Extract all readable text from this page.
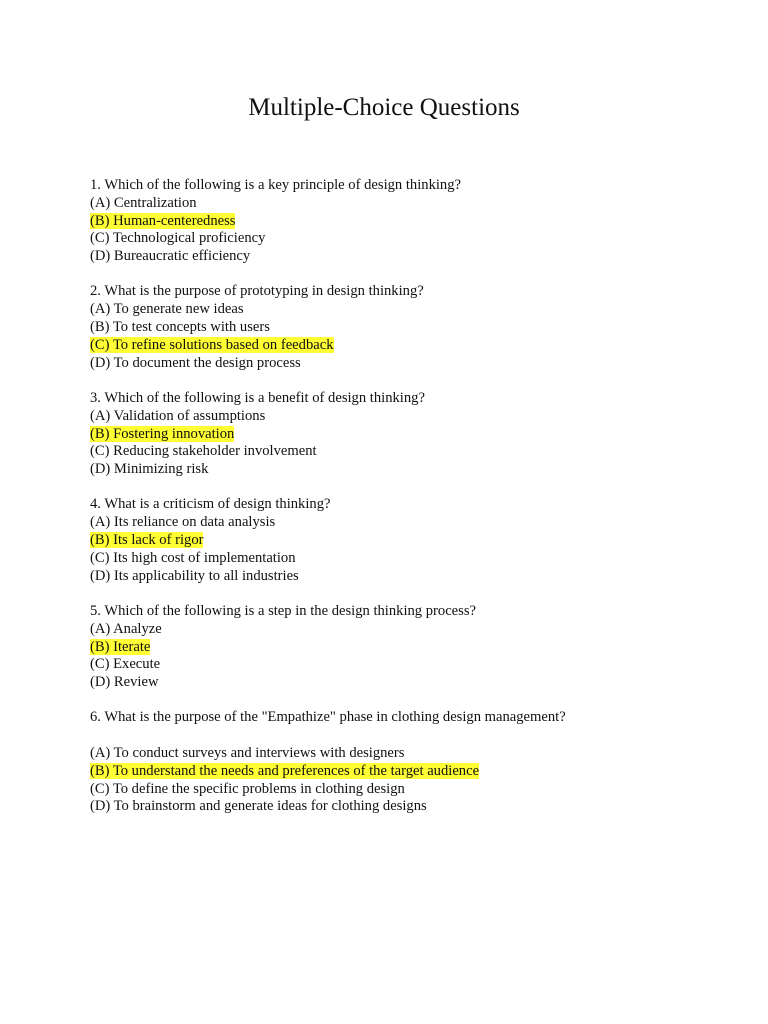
Multiple-Choice Questions
1. Which of the following is a key principle of design thinking?
(A) Centralization
(B) Human-centeredness
(C) Technological proficiency
(D) Bureaucratic efficiency
2. What is the purpose of prototyping in design thinking?
(A) To generate new ideas
(B) To test concepts with users
(C) To refine solutions based on feedback
(D) To document the design process
3. Which of the following is a benefit of design thinking?
(A) Validation of assumptions
(B) Fostering innovation
(C) Reducing stakeholder involvement
(D) Minimizing risk
4. What is a criticism of design thinking?
(A) Its reliance on data analysis
(B) Its lack of rigor
(C) Its high cost of implementation
(D) Its applicability to all industries
5. Which of the following is a step in the design thinking process?
(A) Analyze
(B) Iterate
(C) Execute
(D) Review
6. What is the purpose of the "Empathize" phase in clothing design management?
(A) To conduct surveys and interviews with designers
(B) To understand the needs and preferences of the target audience
(C) To define the specific problems in clothing design
(D) To brainstorm and generate ideas for clothing designs
